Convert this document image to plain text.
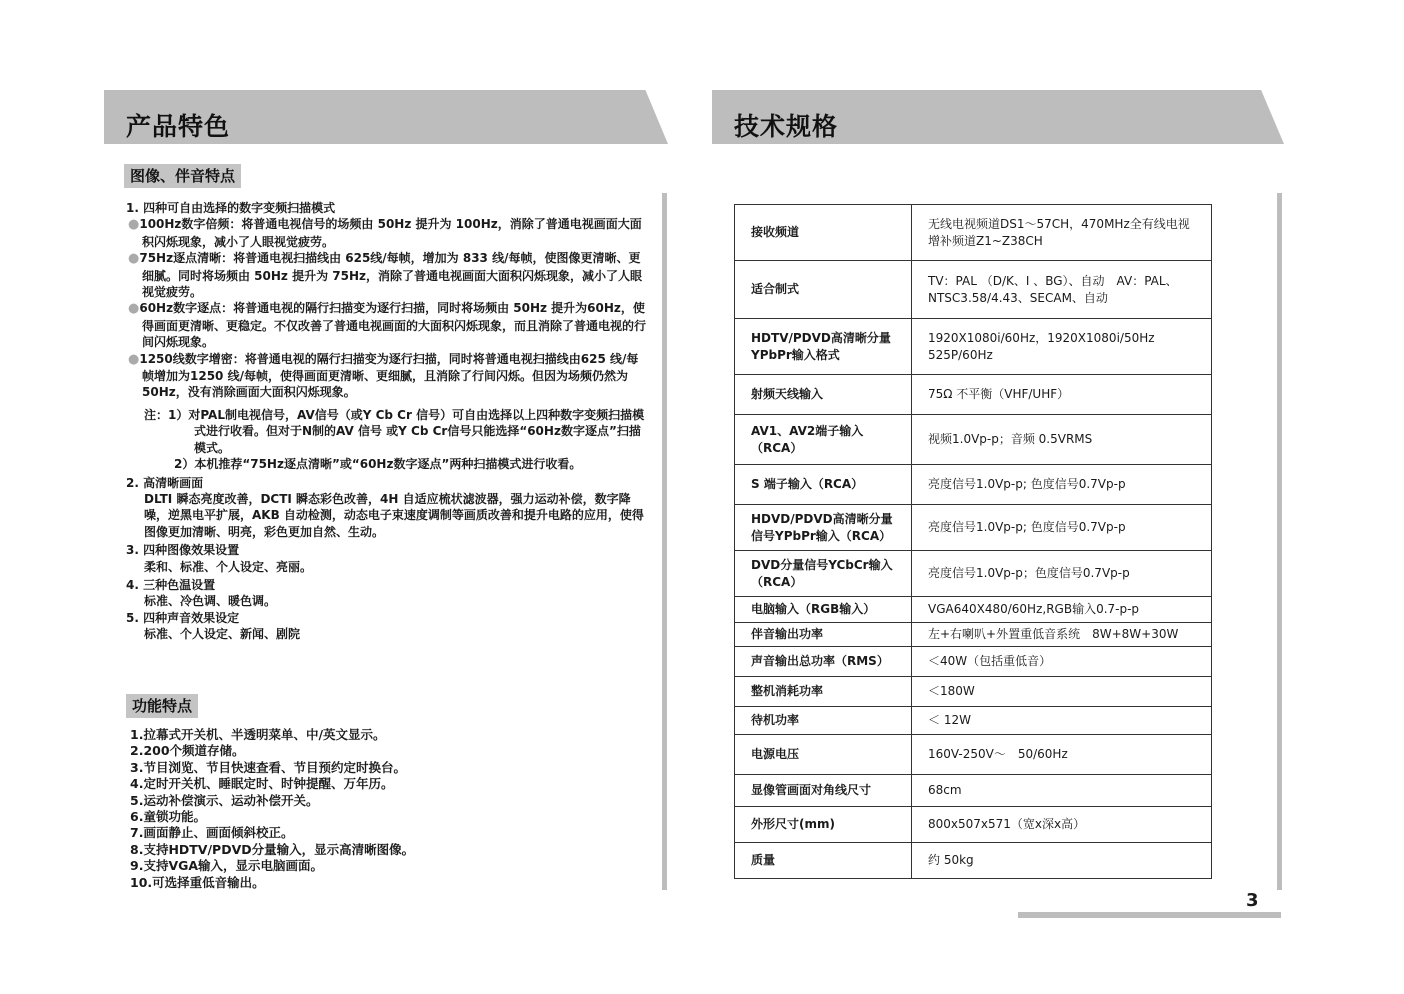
产品特色
图像、伴音特点
1. 四种可自由选择的数字变频扫描模式
●100Hz数字倍频：将普通电视信号的场频由 50Hz 提升为 100Hz，消除了普通电视画面大面积闪烁现象，减小了人眼视觉疲劳。
●75Hz逐点清晰：将普通电视扫描线由 625线/每帧，增加为 833 线/每帧，使图像更清晰、更细腻。同时将场频由 50Hz 提升为 75Hz，消除了普通电视画面大面积闪烁现象，减小了人眼视觉疲劳。
●60Hz数字逐点：将普通电视的隔行扫描变为逐行扫描，同时将场频由 50Hz 提升为60Hz，使得画面更清晰、更稳定。不仅改善了普通电视画面的大面积闪烁现象，而且消除了普通电视的行间闪烁现象。
●1250线数字增密：将普通电视的隔行扫描变为逐行扫描，同时将普通电视扫描线由625 线/每帧增加为1250 线/每帧，使得画面更清晰、更细腻，且消除了行间闪烁。但因为场频仍然为50Hz，没有消除画面大面积闪烁现象。
注：1）对PAL制电视信号，AV信号（或Y Cb Cr 信号）可自由选择以上四种数字变频扫描模式进行收看。但对于N制的AV 信号 或Y Cb Cr信号只能选择“60Hz数字逐点”扫描模式。
2）本机推荐“75Hz逐点清晰”或“60Hz数字逐点”两种扫描模式进行收看。
2. 高清晰画面
DLTI 瞬态亮度改善，DCTI 瞬态彩色改善，4H 自适应梳状滤波器，强力运动补偿，数字降噪，逆黑电平扩展，AKB 自动检测，动态电子束速度调制等画质改善和提升电路的应用，使得图像更加清晰、明亮，彩色更加自然、生动。
3. 四种图像效果设置
柔和、标准、个人设定、亮丽。
4. 三种色温设置
标准、冷色调、暖色调。
5. 四种声音效果设定
标准、个人设定、新闻、剧院
功能特点
1.拉幕式开关机、半透明菜单、中/英文显示。
2.200个频道存储。
3.节目浏览、节目快速查看、节目预约定时换台。
4.定时开关机、睡眠定时、时钟提醒、万年历。
5.运动补偿演示、运动补偿开关。
6.童锁功能。
7.画面静止、画面倾斜校正。
8.支持HDTV/PDVD分量输入，显示高清晰图像。
9.支持VGA输入，显示电脑画面。
10.可选择重低音输出。
技术规格
接收频道	无线电视频道DS1～57CH，470MHz全有线电视增补频道Z1~Z38CH
适合制式	TV：PAL （D/K、I 、BG）、自动　AV：PAL、NTSC3.58/4.43、SECAM、自动
HDTV/PDVD高清晰分量YPbPr输入格式	1920X1080i/60Hz，1920X1080i/50Hz　525P/60Hz
射频天线输入	75Ω 不平衡（VHF/UHF）
AV1、AV2端子输入（RCA）	视频1.0Vp-p；音频 0.5VRMS
S 端子输入（RCA）	亮度信号1.0Vp-p; 色度信号0.7Vp-p
HDVD/PDVD高清晰分量信号YPbPr输入（RCA）	亮度信号1.0Vp-p; 色度信号0.7Vp-p
DVD分量信号YCbCr输入（RCA）	亮度信号1.0Vp-p；色度信号0.7Vp-p
电脑输入（RGB输入）	VGA640X480/60Hz,RGB输入0.7-p-p
伴音输出功率	左+右喇叭+外置重低音系统　8W+8W+30W
声音输出总功率（RMS）	＜40W（包括重低音）
整机消耗功率	＜180W
待机功率	＜ 12W
电源电压	160V-250V～　50/60Hz
显像管画面对角线尺寸	68cm
外形尺寸(mm)	800x507x571（宽x深x高）
质量	约 50kg
3
